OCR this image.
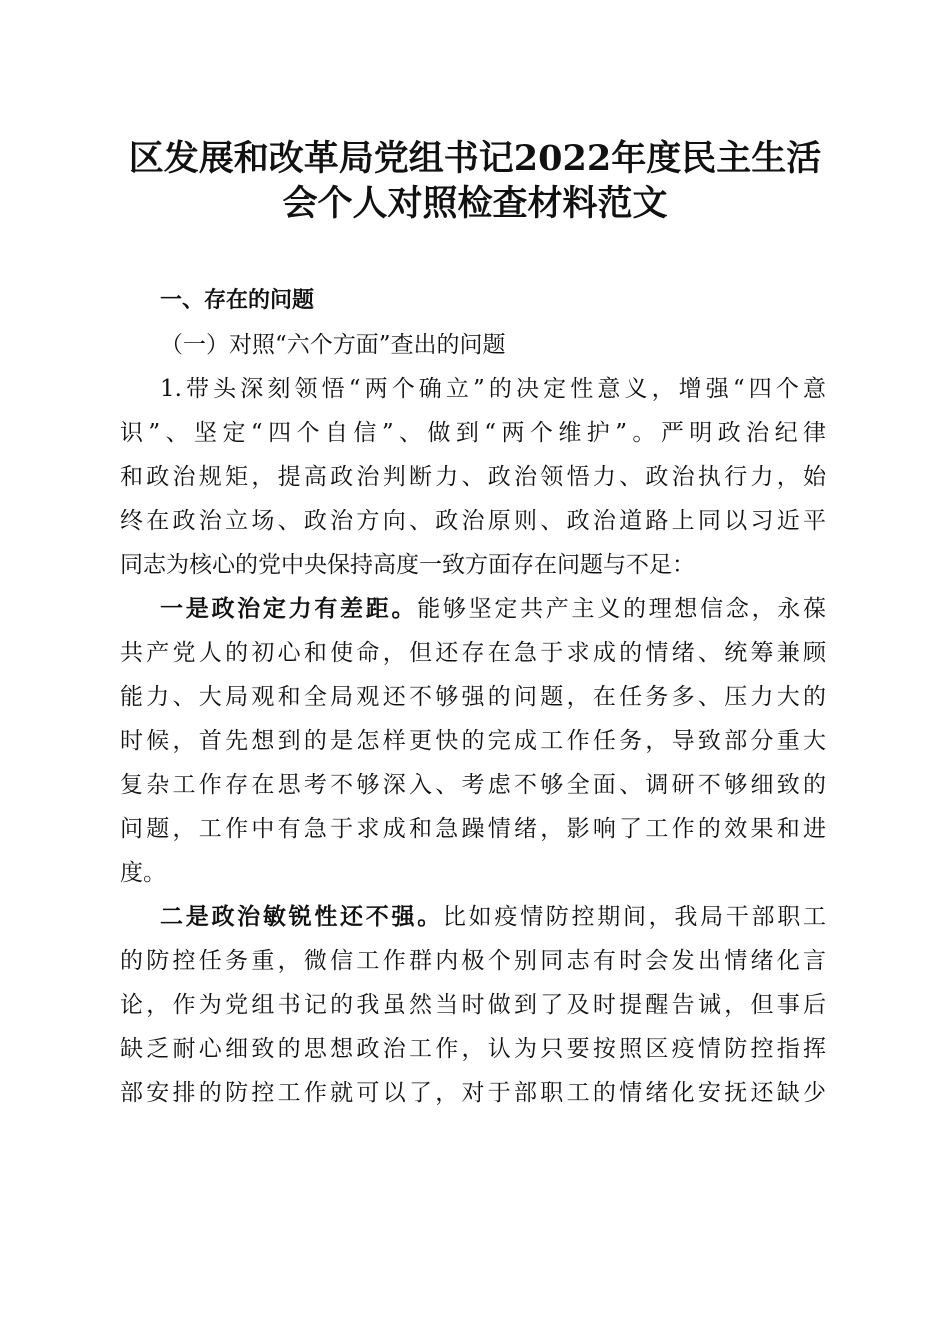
区发展和改革局党组书记2022年度民主生活
会个人对照检查材料范文

一、存在的问题

（一）对照“六个方面”查出的问题

1.带头深刻领悟“两个确立”的决定性意义，增强“四个意
识”、坚定“四个自信”、做到“两个维护”。严明政治纪律
和政治规矩，提高政治判断力、政治领悟力、政治执行力，始
终在政治立场、政治方向、政治原则、政治道路上同以习近平
同志为核心的党中央保持高度一致方面存在问题与不足：
一是政治定力有差距。能够坚定共产主义的理想信念，永葆
共产党人的初心和使命，但还存在急于求成的情绪、统筹兼顾
能力、大局观和全局观还不够强的问题，在任务多、压力大的
时候，首先想到的是怎样更快的完成工作任务，导致部分重大
复杂工作存在思考不够深入、考虑不够全面、调研不够细致的
问题，工作中有急于求成和急躁情绪，影响了工作的效果和进
度。
二是政治敏锐性还不强。比如疫情防控期间，我局干部职工
的防控任务重，微信工作群内极个别同志有时会发出情绪化言
论，作为党组书记的我虽然当时做到了及时提醒告诫，但事后
缺乏耐心细致的思想政治工作，认为只要按照区疫情防控指挥
部安排的防控工作就可以了，对于部职工的情绪化安抚还缺少
